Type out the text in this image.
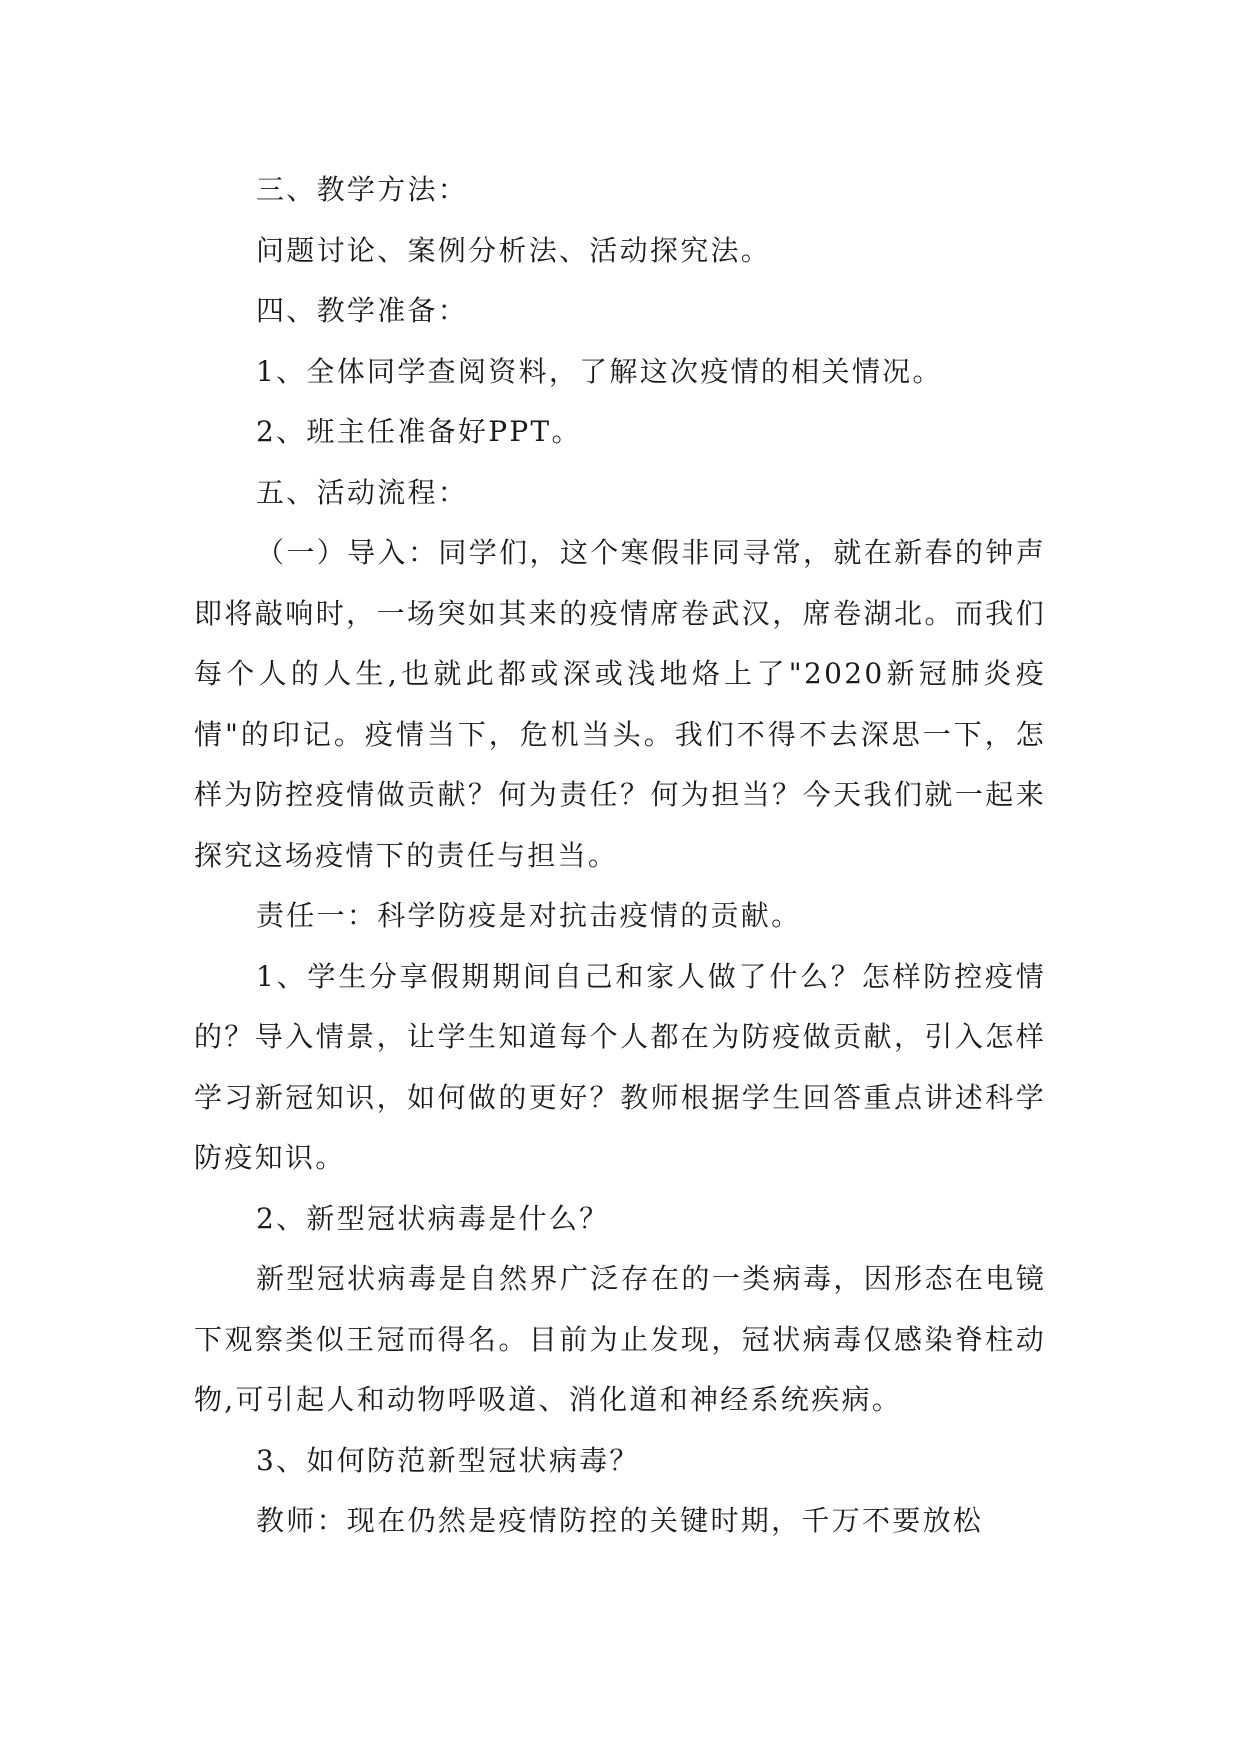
三、教学方法：

问题讨论、案例分析法、活动探究法。

四、教学准备：

1、全体同学查阅资料，了解这次疫情的相关情况。

2、班主任准备好PPT。

五、活动流程：

（一）导入：同学们，这个寒假非同寻常，就在新春的钟声即将敲响时，一场突如其来的疫情席卷武汉，席卷湖北。而我们每个人的人生,也就此都或深或浅地烙上了"2020新冠肺炎疫情"的印记。疫情当下，危机当头。我们不得不去深思一下，怎样为防控疫情做贡献？何为责任？何为担当？今天我们就一起来探究这场疫情下的责任与担当。

责任一：科学防疫是对抗击疫情的贡献。

1、学生分享假期期间自己和家人做了什么？怎样防控疫情的？导入情景，让学生知道每个人都在为防疫做贡献，引入怎样学习新冠知识，如何做的更好？教师根据学生回答重点讲述科学防疫知识。

2、新型冠状病毒是什么？

新型冠状病毒是自然界广泛存在的一类病毒，因形态在电镜下观察类似王冠而得名。目前为止发现，冠状病毒仅感染脊柱动物,可引起人和动物呼吸道、消化道和神经系统疾病。

3、如何防范新型冠状病毒？

教师：现在仍然是疫情防控的关键时期，千万不要放松
